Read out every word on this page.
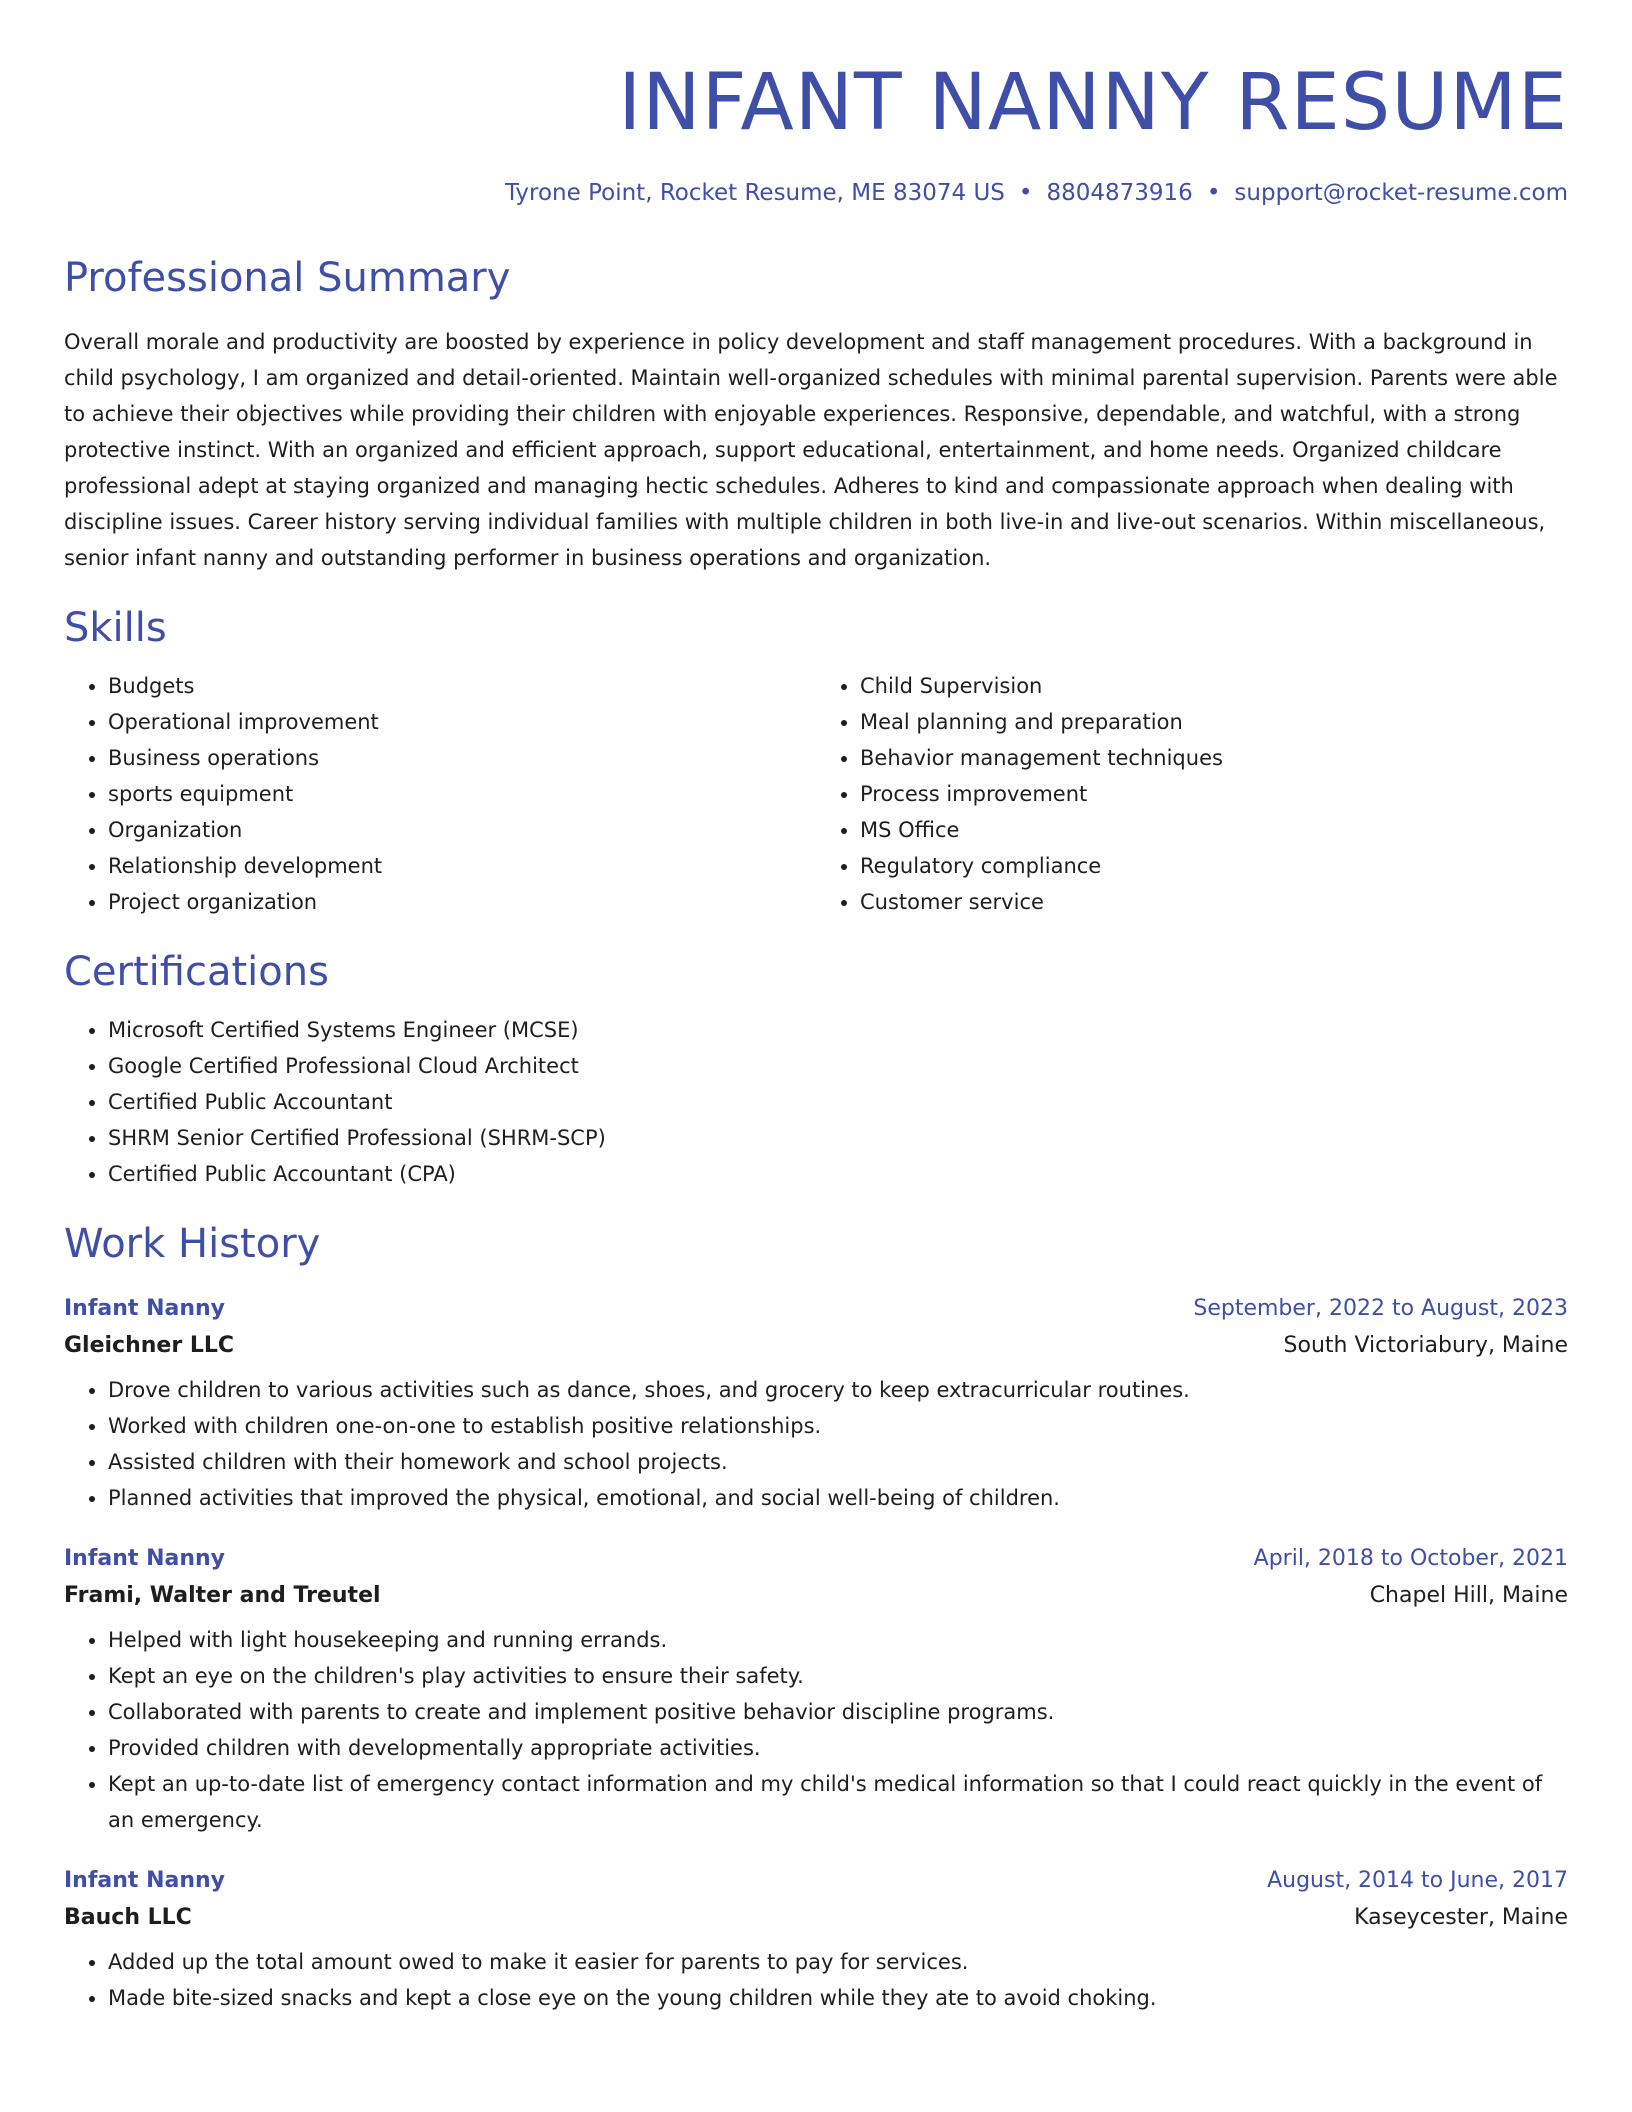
INFANT NANNY RESUME
Tyrone Point, Rocket Resume, ME 83074 US • 8804873916 • support@rocket-resume.com
Professional Summary
Overall morale and productivity are boosted by experience in policy development and staff management procedures. With a background in child psychology, I am organized and detail-oriented. Maintain well-organized schedules with minimal parental supervision. Parents were able to achieve their objectives while providing their children with enjoyable experiences. Responsive, dependable, and watchful, with a strong protective instinct. With an organized and efficient approach, support educational, entertainment, and home needs. Organized childcare professional adept at staying organized and managing hectic schedules. Adheres to kind and compassionate approach when dealing with discipline issues. Career history serving individual families with multiple children in both live-in and live-out scenarios. Within miscellaneous, senior infant nanny and outstanding performer in business operations and organization.
Skills
• Budgets
• Operational improvement
• Business operations
• sports equipment
• Organization
• Relationship development
• Project organization
• Child Supervision
• Meal planning and preparation
• Behavior management techniques
• Process improvement
• MS Office
• Regulatory compliance
• Customer service
Certifications
• Microsoft Certified Systems Engineer (MCSE)
• Google Certified Professional Cloud Architect
• Certified Public Accountant
• SHRM Senior Certified Professional (SHRM-SCP)
• Certified Public Accountant (CPA)
Work History
Infant Nanny	September, 2022 to August, 2023
Gleichner LLC	South Victoriabury, Maine
• Drove children to various activities such as dance, shoes, and grocery to keep extracurricular routines.
• Worked with children one-on-one to establish positive relationships.
• Assisted children with their homework and school projects.
• Planned activities that improved the physical, emotional, and social well-being of children.
Infant Nanny	April, 2018 to October, 2021
Frami, Walter and Treutel	Chapel Hill, Maine
• Helped with light housekeeping and running errands.
• Kept an eye on the children's play activities to ensure their safety.
• Collaborated with parents to create and implement positive behavior discipline programs.
• Provided children with developmentally appropriate activities.
• Kept an up-to-date list of emergency contact information and my child's medical information so that I could react quickly in the event of an emergency.
Infant Nanny	August, 2014 to June, 2017
Bauch LLC	Kaseycester, Maine
• Added up the total amount owed to make it easier for parents to pay for services.
• Made bite-sized snacks and kept a close eye on the young children while they ate to avoid choking.
